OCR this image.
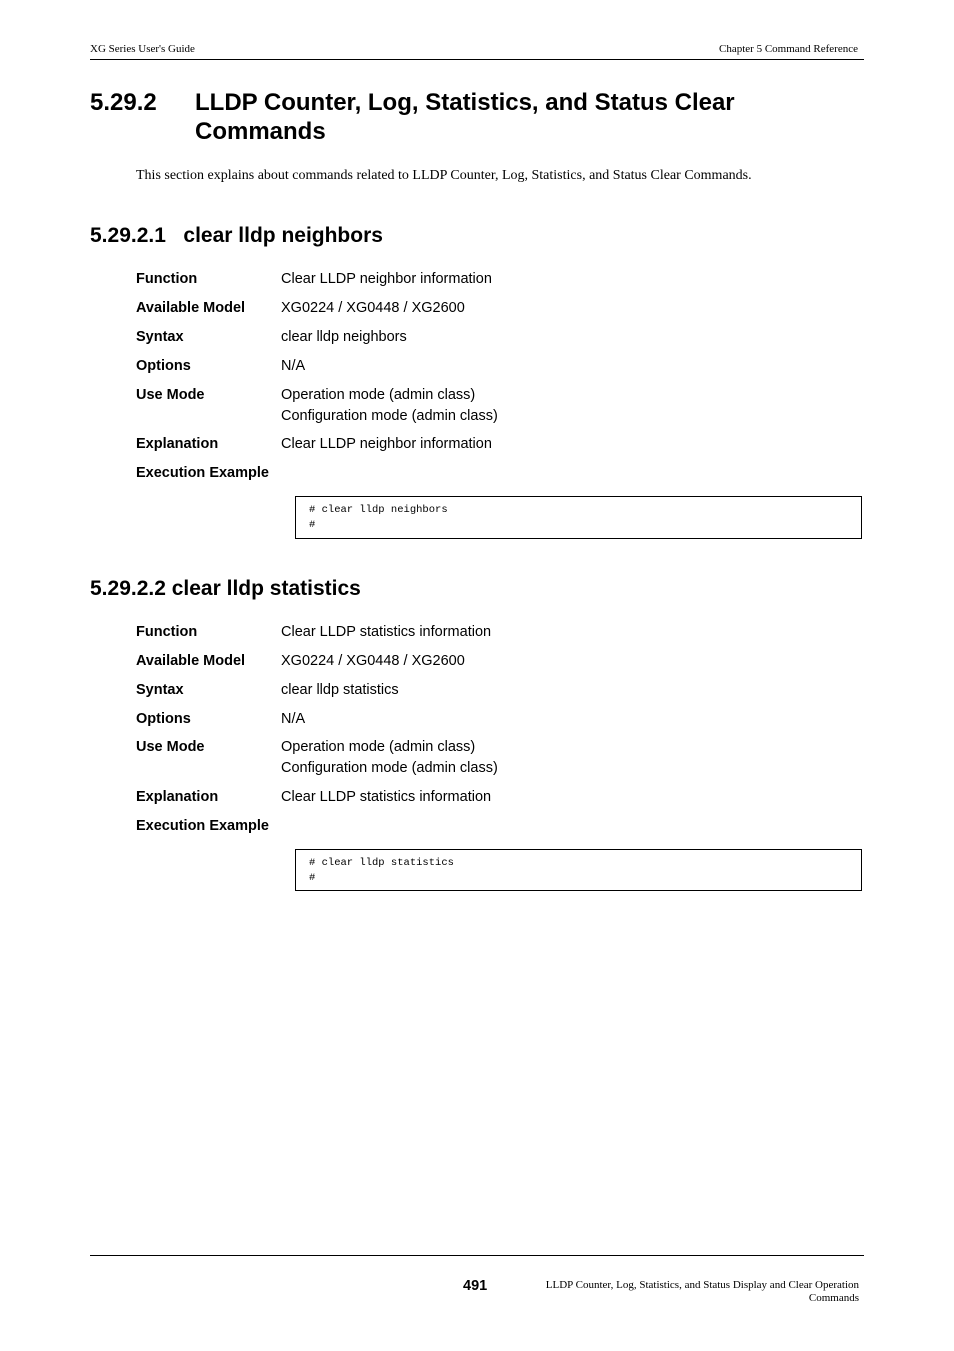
XG Series User's Guide	Chapter 5 Command Reference
5.29.2 LLDP Counter, Log, Statistics, and Status Clear Commands
This section explains about commands related to LLDP Counter, Log, Statistics, and Status Clear Commands.
5.29.2.1   clear lldp neighbors
Function	Clear LLDP neighbor information
Available Model XG0224 / XG0448 / XG2600
Syntax	clear lldp neighbors
Options	N/A
Use Mode	Operation mode (admin class)
Configuration mode (admin class)
Explanation	Clear LLDP neighbor information
Execution Example
# clear lldp neighbors
#
5.29.2.2 clear lldp statistics
Function	Clear LLDP statistics information
Available Model XG0224 / XG0448 / XG2600
Syntax	clear lldp statistics
Options	N/A
Use Mode	Operation mode (admin class)
Configuration mode (admin class)
Explanation	Clear LLDP statistics information
Execution Example
# clear lldp statistics
#
491	LLDP Counter, Log, Statistics, and Status Display and Clear Operation
Commands
